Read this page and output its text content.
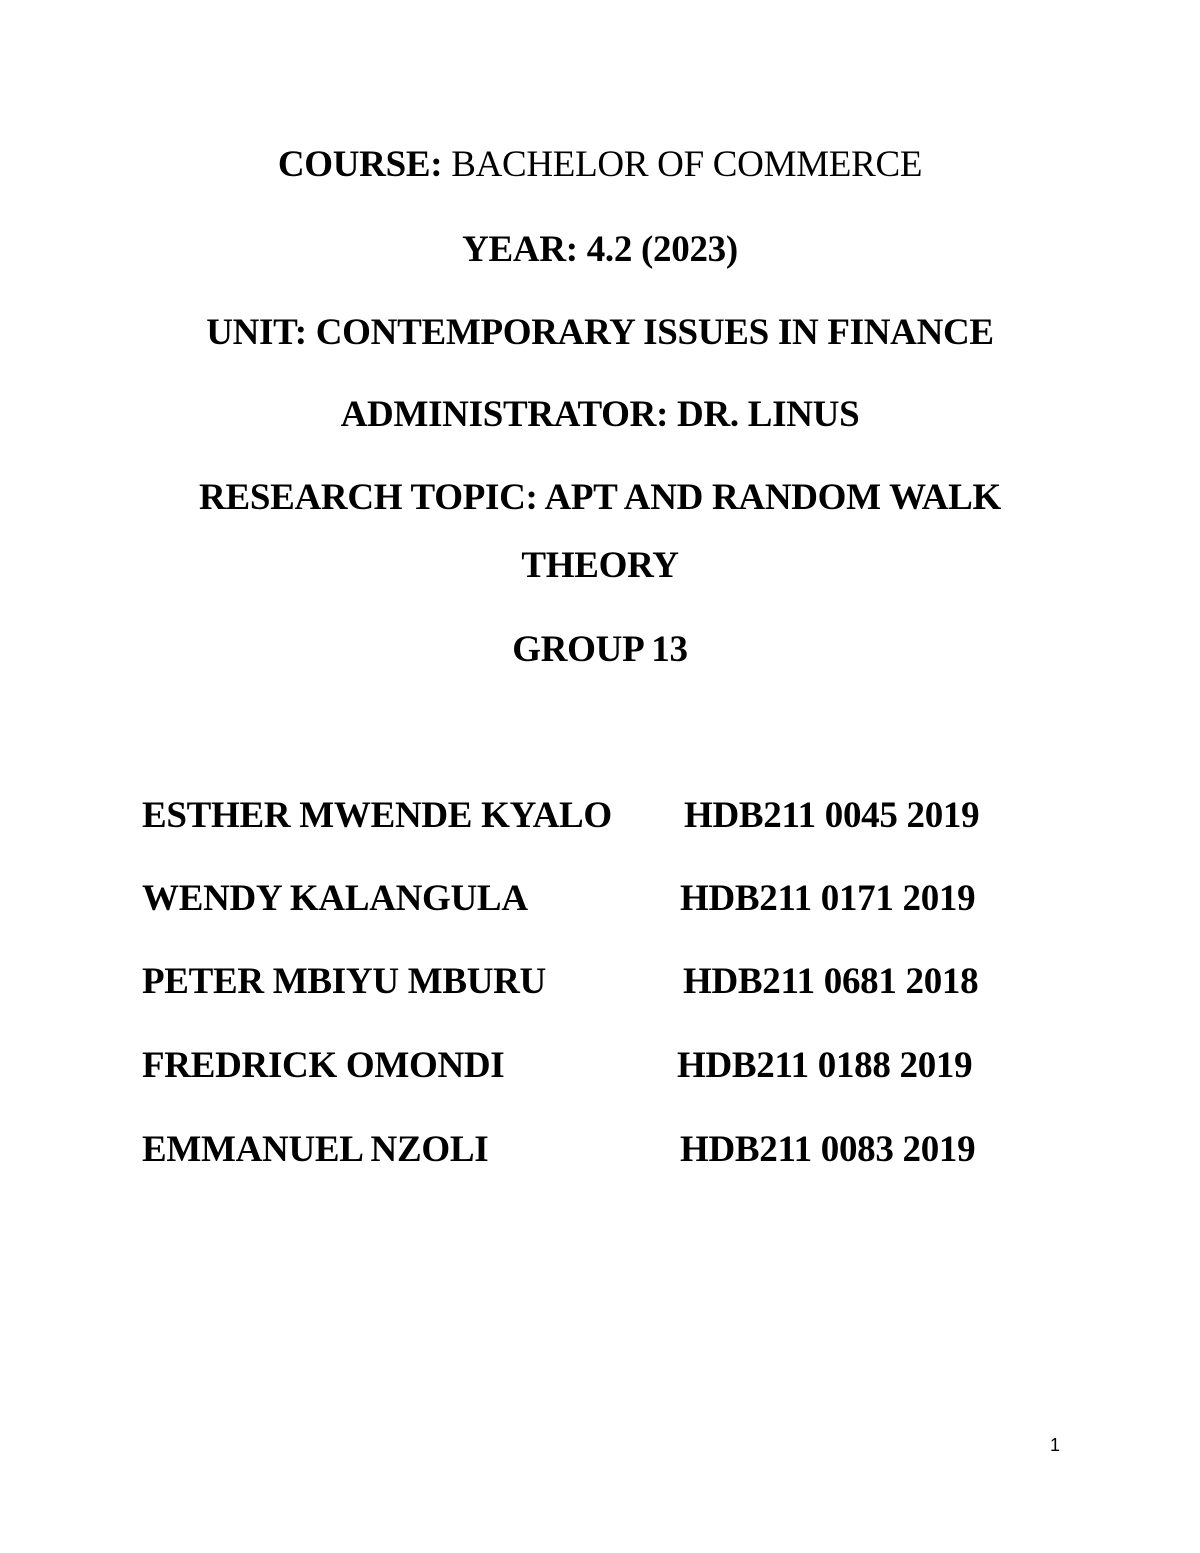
COURSE: BACHELOR OF COMMERCE
YEAR: 4.2 (2023)
UNIT: CONTEMPORARY ISSUES IN FINANCE
ADMINISTRATOR: DR. LINUS
RESEARCH TOPIC: APT AND RANDOM WALK
THEORY
GROUP 13
ESTHER MWENDE KYALO HDB211 0045 2019
WENDY KALANGULA	HDB211 0171 2019
PETER MBIYU MBURU	HDB211 0681 2018
FREDRICK OMONDI	HDB211 0188 2019
EMMANUEL NZOLI	HDB211 0083 2019
1
